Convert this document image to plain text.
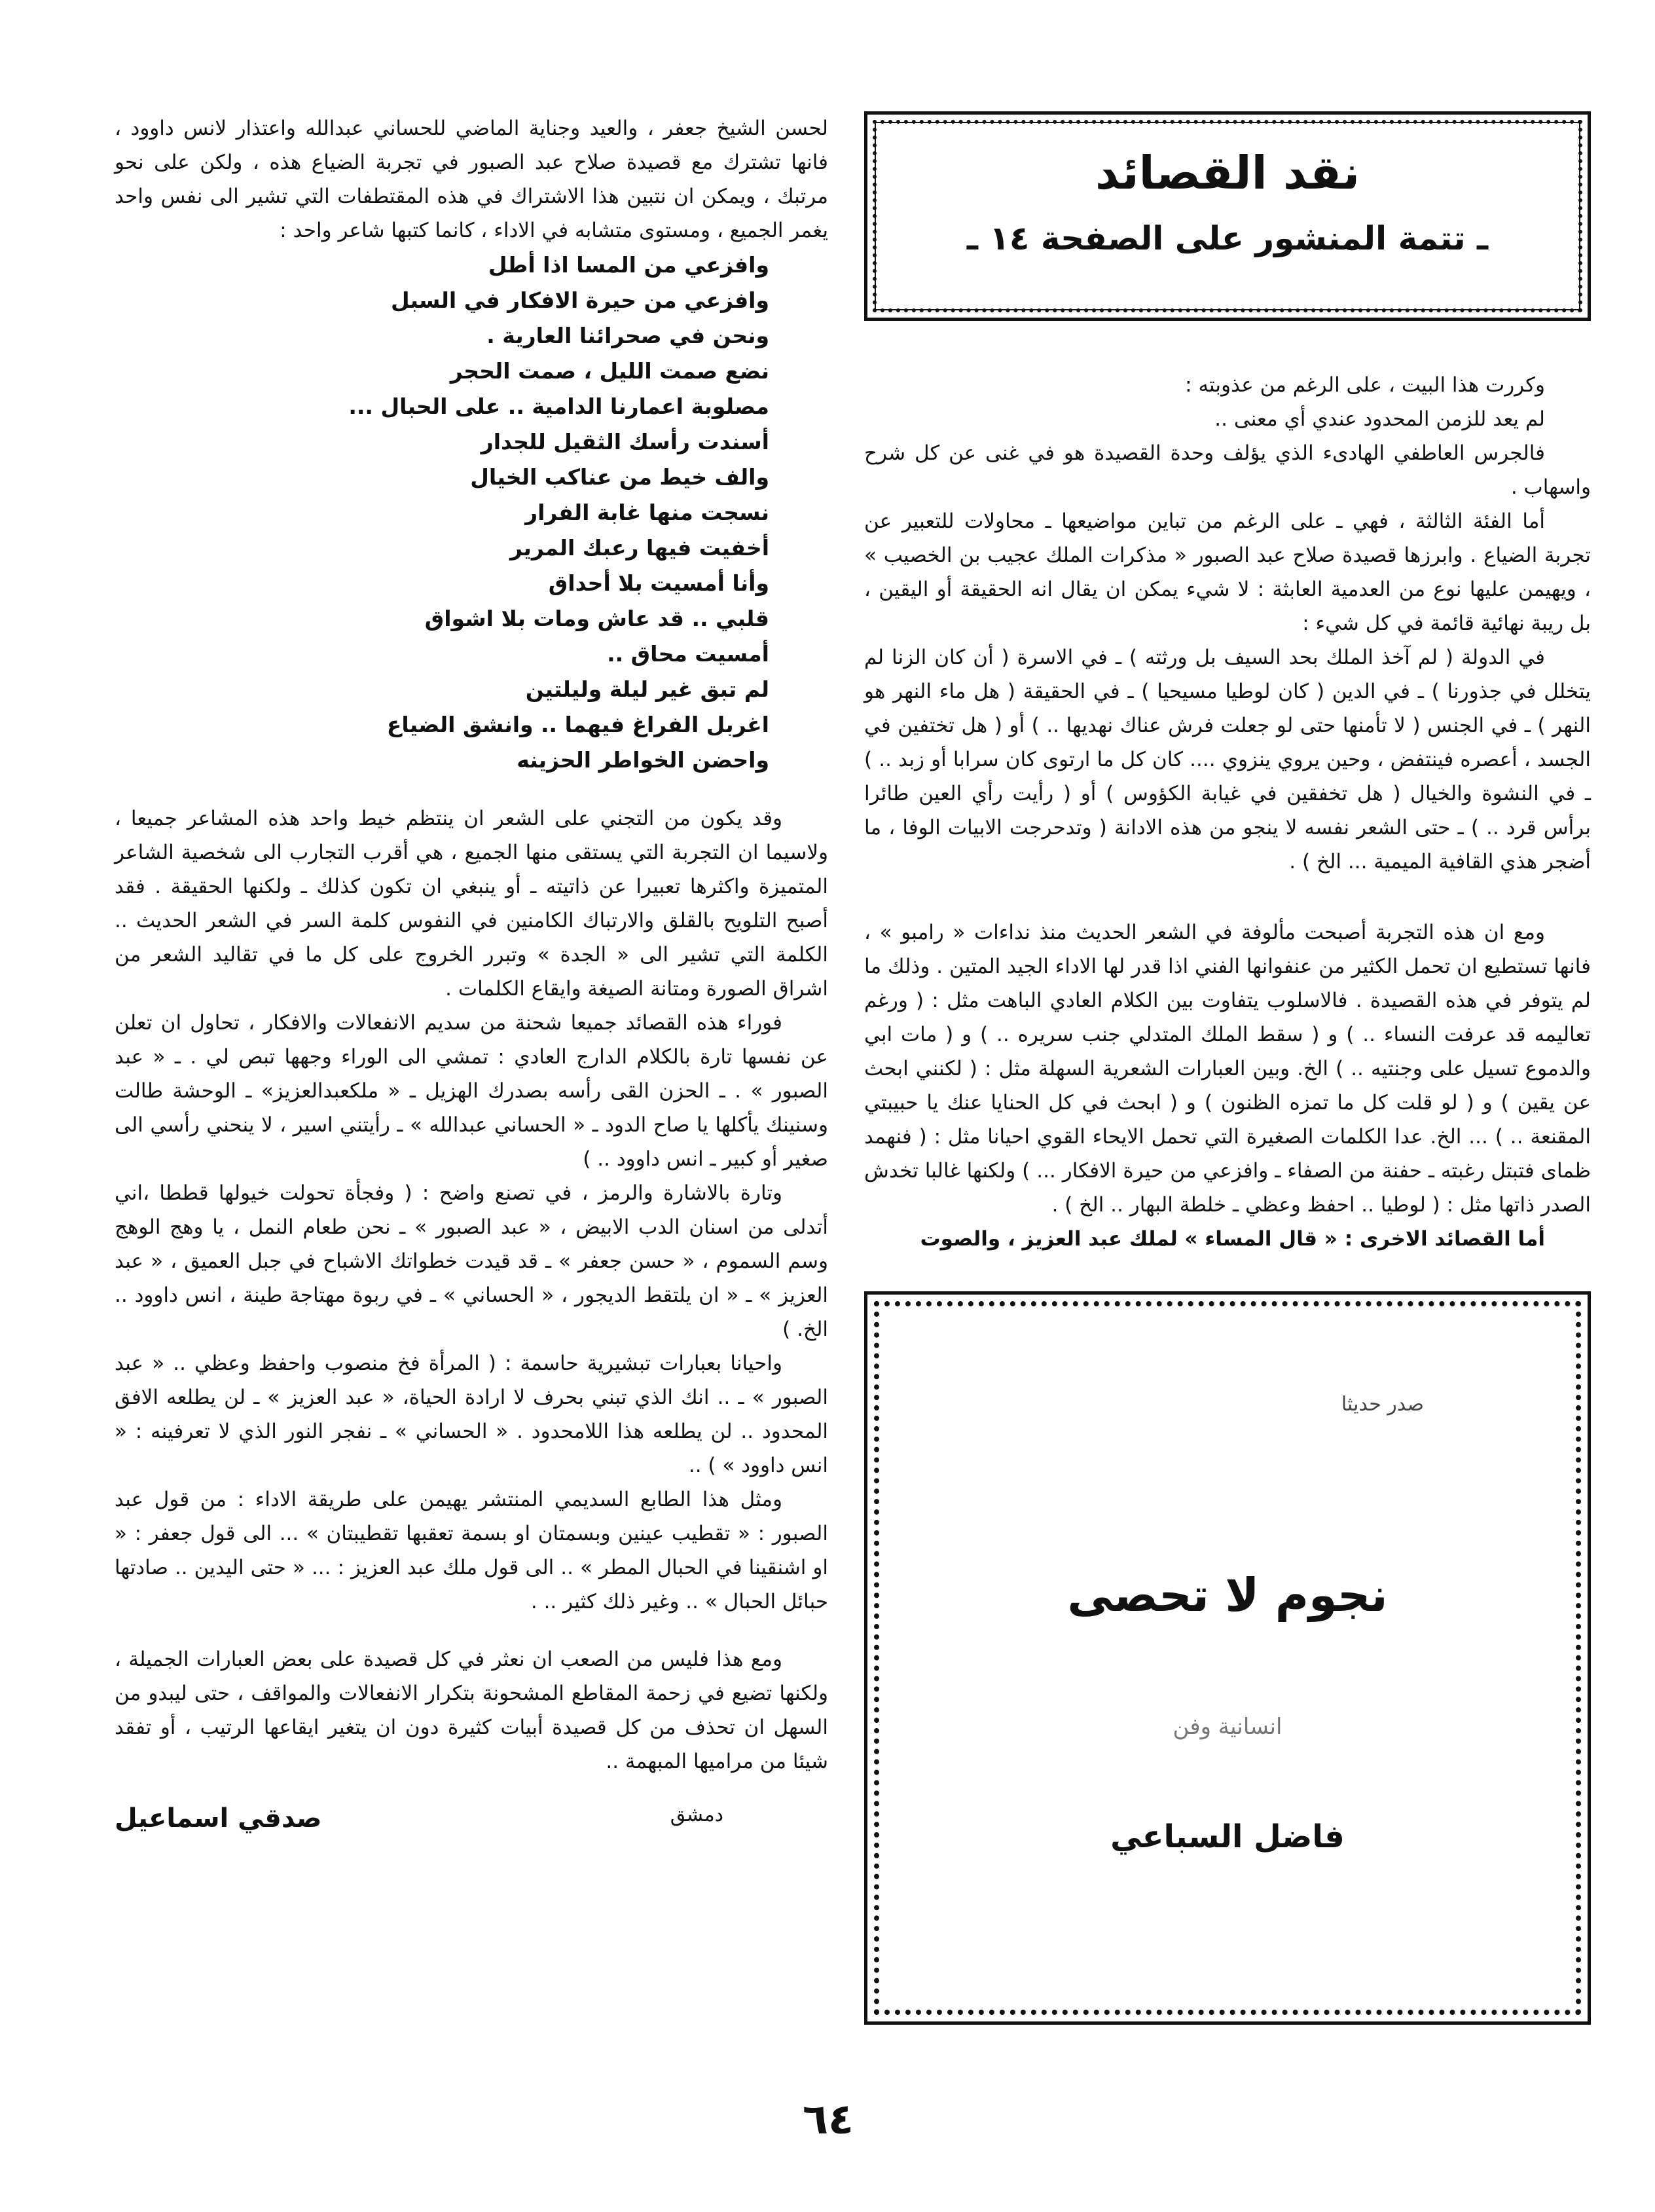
نقد القصائد
ـ تتمة المنشور على الصفحة ١٤ ـ

وكررت هذا البيت ، على الرغم من عذوبته :

لم يعد للزمن المحدود عندي أي معنى ..

فالجرس العاطفي الهادىء الذي يؤلف وحدة القصيدة هو في غنى عن كل شرح واسهاب .

أما الفئة الثالثة ، فهي ـ على الرغم من تباين مواضيعها ـ محاولات للتعبير عن تجربة الضياع . وابرزها قصيدة صلاح عبد الصبور « مذكرات الملك عجيب بن الخصيب » ، ويهيمن عليها نوع من العدمية العابثة : لا شيء يمكن ان يقال انه الحقيقة أو اليقين ، بل ريبة نهائية قائمة في كل شيء :

في الدولة ( لم آخذ الملك بحد السيف بل ورثته ) ـ في الاسرة ( أن كان الزنا لم يتخلل في جذورنا ) ـ في الدين ( كان لوطيا مسيحيا ) ـ في الحقيقة ( هل ماء النهر هو النهر ) ـ في الجنس ( لا تأمنها حتى لو جعلت فرش عناك نهديها .. ) أو ( هل تختفين في الجسد ، أعصره فينتفض ، وحين يروي ينزوي .... كان كل ما ارتوى كان سرابا أو زبد .. ) ـ في النشوة والخيال ( هل تخفقين في غيابة الكؤوس ) أو ( رأيت رأي العين طائرا برأس قرد .. ) ـ حتى الشعر نفسه لا ينجو من هذه الادانة ( وتدحرجت الابيات الوفا ، ما أضجر هذي القافية الميمية ... الخ ) .

ومع ان هذه التجربة أصبحت مألوفة في الشعر الحديث منذ نداءات « رامبو » ، فانها تستطيع ان تحمل الكثير من عنفوانها الفني اذا قدر لها الاداء الجيد المتين . وذلك ما لم يتوفر في هذه القصيدة . فالاسلوب يتفاوت بين الكلام العادي الباهت مثل : ( ورغم تعاليمه قد عرفت النساء .. ) و ( سقط الملك المتدلي جنب سريره .. ) و ( مات ابي والدموع تسيل على وجنتيه .. ) الخ. وبين العبارات الشعرية السهلة مثل : ( لكنني ابحث عن يقين ) و ( لو قلت كل ما تمزه الظنون ) و ( ابحث في كل الحنايا عنك يا حبيبتي المقنعة .. ) ... الخ. عدا الكلمات الصغيرة التي تحمل الايحاء القوي احيانا مثل : ( فنهمد ظماى فتبتل رغبته ـ حفنة من الصفاء ـ وافزعي من حيرة الافكار ... ) ولكنها غالبا تخدش الصدر ذاتها مثل : ( لوطيا .. احفظ وعظي ـ خلطة البهار .. الخ ) .

أما القصائد الاخرى : « قال المساء » لملك عبد العزيز ، والصوت

صدر حديثا
نجوم لا تحصى
انسانية وفن
فاضل السباعي

لحسن الشيخ جعفر ، والعيد وجناية الماضي للحساني عبدالله واعتذار لانس داوود ، فانها تشترك مع قصيدة صلاح عبد الصبور في تجربة الضياع هذه ، ولكن على نحو مرتبك ، ويمكن ان نتبين هذا الاشتراك في هذه المقتطفات التي تشير الى نفس واحد يغمر الجميع ، ومستوى متشابه في الاداء ، كانما كتبها شاعر واحد :

وافزعي من المسا اذا أطل
وافزعي من حيرة الافكار في السبل
ونحن في صحرائنا العارية .
نضع صمت الليل ، صمت الحجر
مصلوبة اعمارنا الدامية .. على الحبال ...
أسندت رأسك الثقيل للجدار
والف خيط من عناكب الخيال
نسجت منها غابة الفرار
أخفيت فيها رعبك المرير
وأنا أمسيت بلا أحداق
قلبي .. قد عاش ومات بلا اشواق
أمسيت محاق ..
لم تبق غير ليلة وليلتين
اغربل الفراغ فيهما .. وانشق الضياع
واحضن الخواطر الحزينه

وقد يكون من التجني على الشعر ان ينتظم خيط واحد هذه المشاعر جميعا ، ولاسيما ان التجربة التي يستقى منها الجميع ، هي أقرب التجارب الى شخصية الشاعر المتميزة واكثرها تعبيرا عن ذاتيته ـ أو ينبغي ان تكون كذلك ـ ولكنها الحقيقة . فقد أصبح التلويح بالقلق والارتباك الكامنين في النفوس كلمة السر في الشعر الحديث .. الكلمة التي تشير الى « الجدة » وتبرر الخروج على كل ما في تقاليد الشعر من اشراق الصورة ومتانة الصيغة وايقاع الكلمات .

فوراء هذه القصائد جميعا شحنة من سديم الانفعالات والافكار ، تحاول ان تعلن عن نفسها تارة بالكلام الدارج العادي : تمشي الى الوراء وجهها تبص لي . ـ « عبد الصبور » . ـ الحزن القى رأسه بصدرك الهزيل ـ « ملكعبدالعزيز» ـ الوحشة طالت وسنينك يأكلها يا صاح الدود ـ « الحساني عبدالله » ـ رأيتني اسير ، لا ينحني رأسي الى صغير أو كبير ـ انس داوود .. )

وتارة بالاشارة والرمز ، في تصنع واضح : ( وفجأة تحولت خيولها قططا ،اني أتدلى من اسنان الدب الابيض ، « عبد الصبور » ـ نحن طعام النمل ، يا وهج الوهج وسم السموم ، « حسن جعفر » ـ قد قيدت خطواتك الاشباح في جبل العميق ، « عبد العزيز » ـ « ان يلتقط الديجور ، « الحساني » ـ في ربوة مهتاجة طينة ، انس داوود .. الخ. )

واحيانا بعبارات تبشيرية حاسمة : ( المرأة فخ منصوب واحفظ وعظي .. « عبد الصبور » ـ .. انك الذي تبني بحرف لا ارادة الحياة، « عبد العزيز » ـ لن يطلعه الافق المحدود .. لن يطلعه هذا اللامحدود . « الحساني » ـ نفجر النور الذي لا تعرفينه : « انس داوود » ) ..

ومثل هذا الطابع السديمي المنتشر يهيمن على طريقة الاداء : من قول عبد الصبور : « تقطيب عينين وبسمتان او بسمة تعقبها تقطيبتان » ... الى قول جعفر : « او اشنقينا في الحبال المطر » .. الى قول ملك عبد العزيز : ... « حتى اليدين .. صادتها حبائل الحبال » .. وغير ذلك كثير .. .

ومع هذا فليس من الصعب ان نعثر في كل قصيدة على بعض العبارات الجميلة ، ولكنها تضيع في زحمة المقاطع المشحونة بتكرار الانفعالات والمواقف ، حتى ليبدو من السهل ان تحذف من كل قصيدة أبيات كثيرة دون ان يتغير ايقاعها الرتيب ، أو تفقد شيئا من مراميها المبهمة ..

دمشق
صدقي اسماعيل
٦٤
